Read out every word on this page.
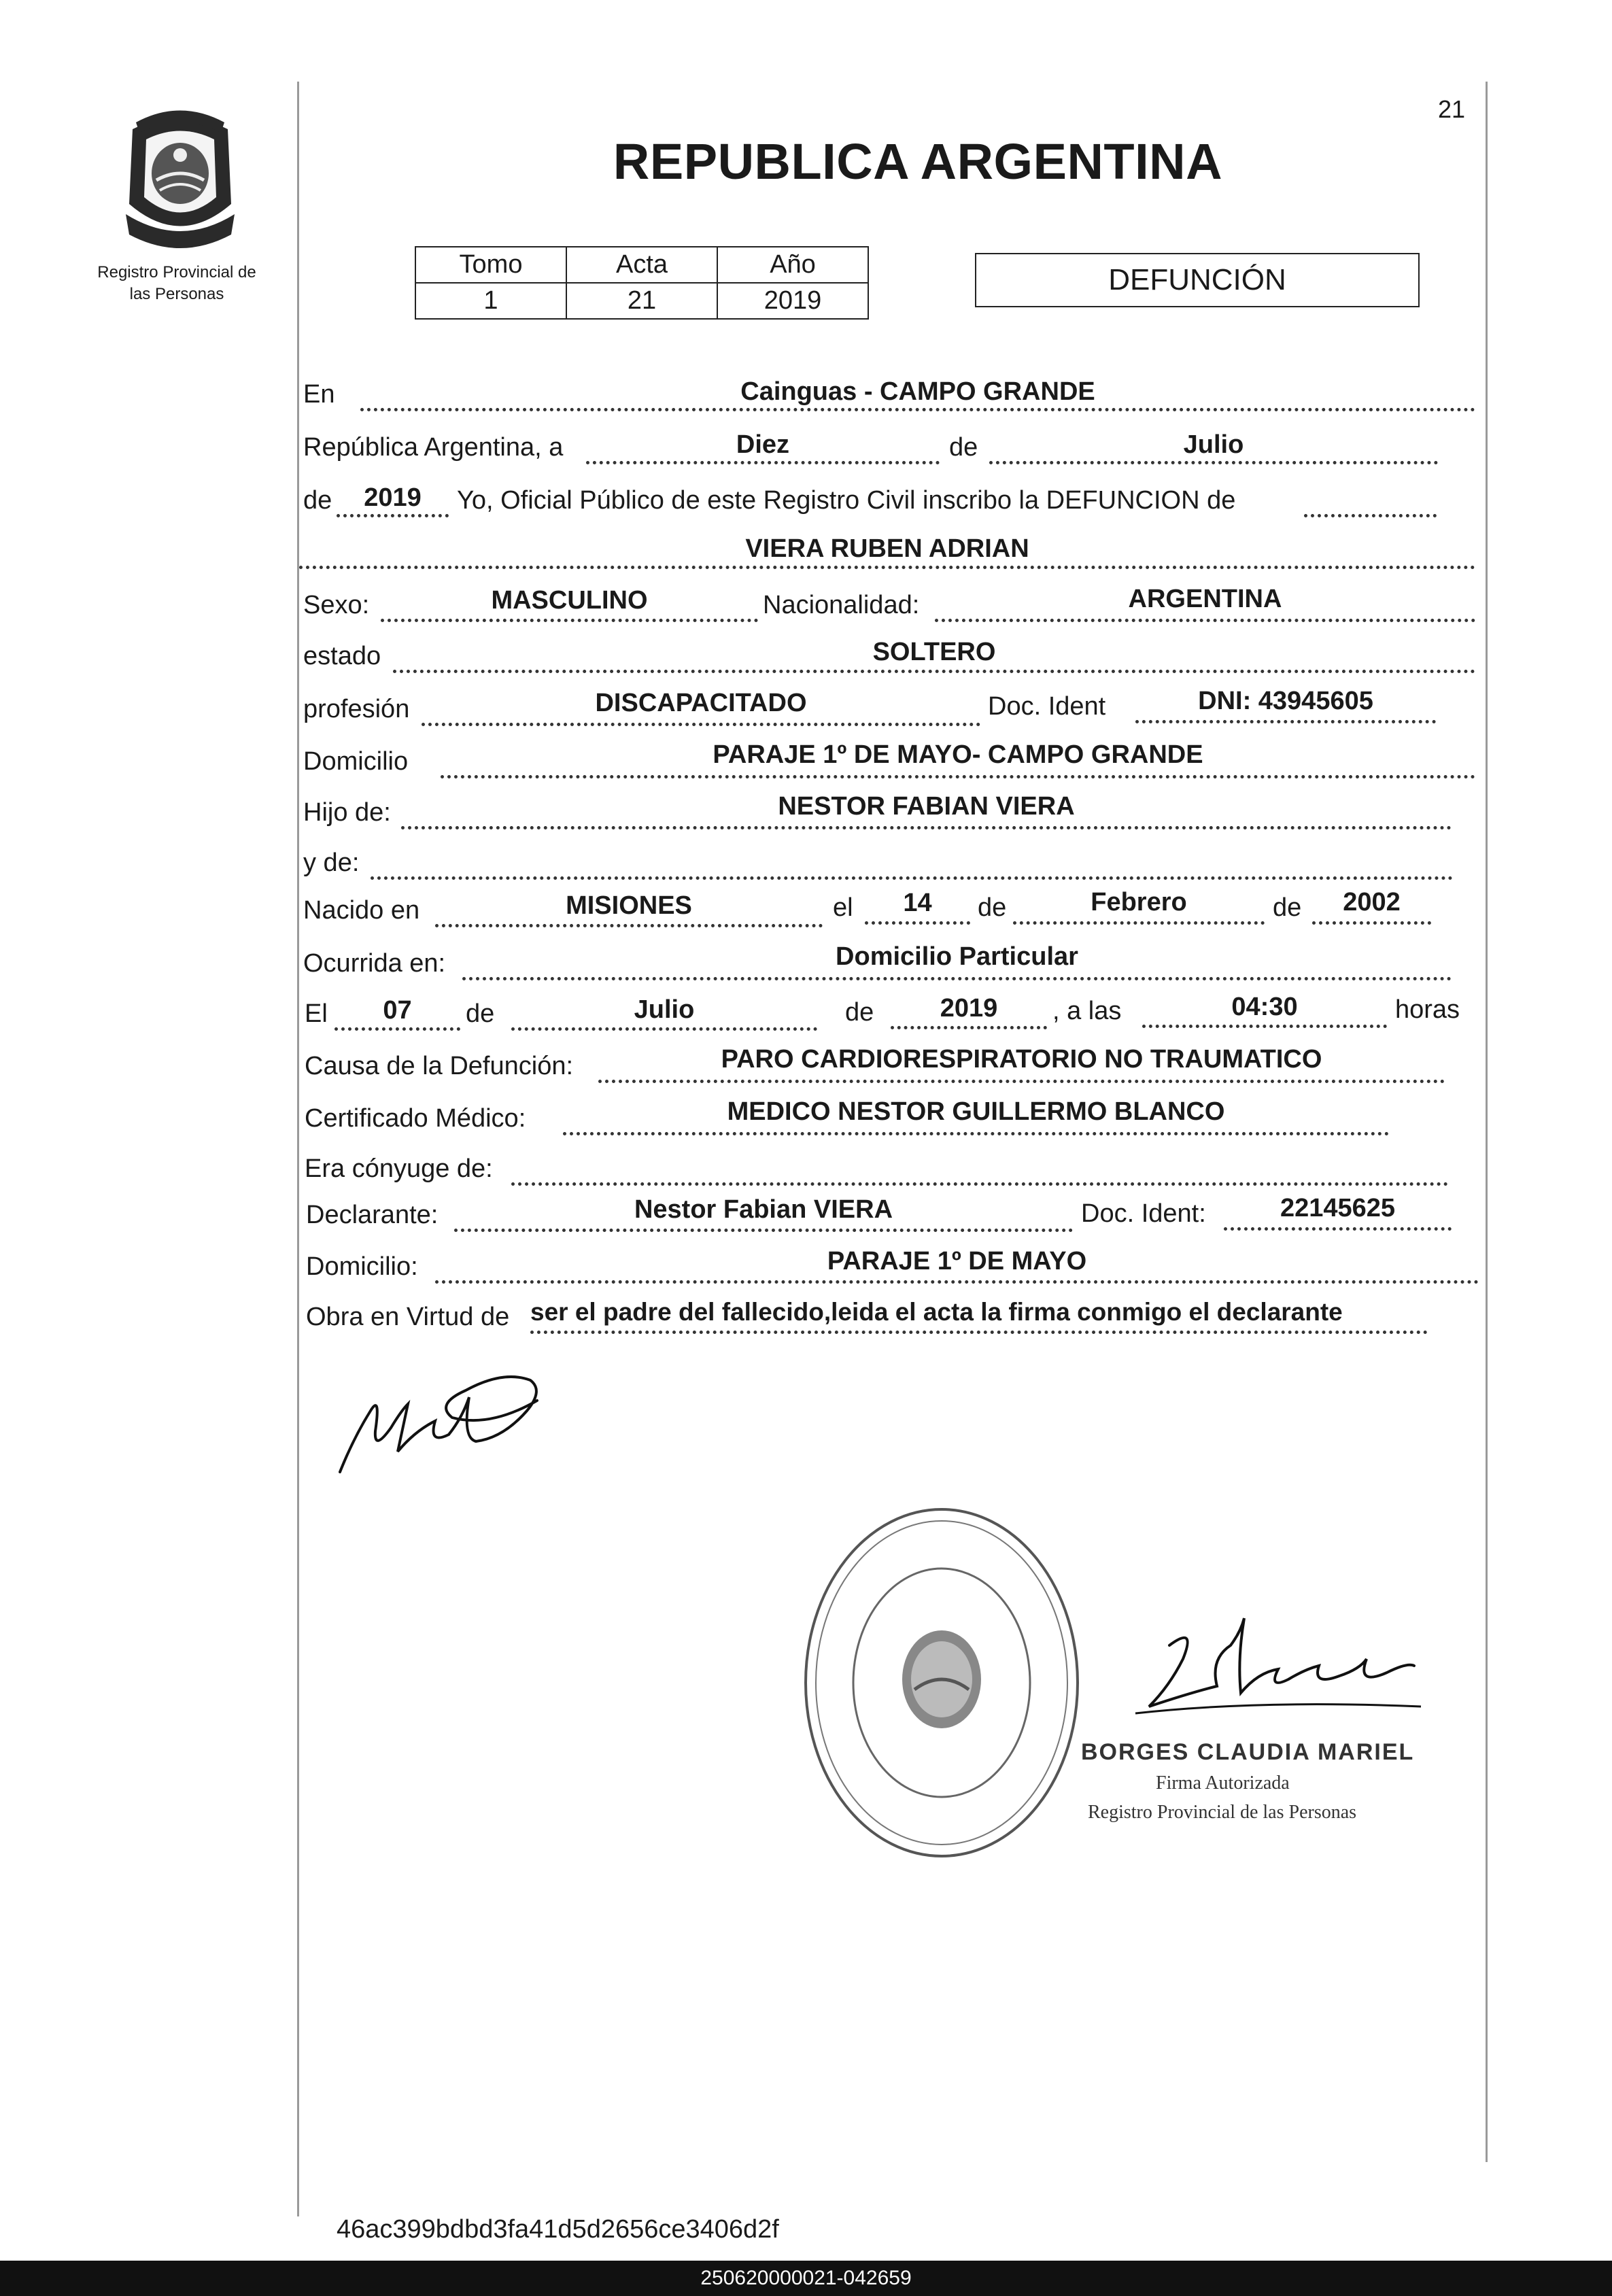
21
Registro Provincial de
las Personas
REPUBLICA ARGENTINA
Tomo	Acta	Año
1	21	2019
DEFUNCIÓN
En	Cainguas - CAMPO GRANDE
República Argentina, a	Diez	de	Julio
de	2019	Yo, Oficial Público de este Registro Civil inscribo la DEFUNCION de
VIERA RUBEN ADRIAN
Sexo:	MASCULINO	Nacionalidad:	ARGENTINA
estado	SOLTERO
profesión	DISCAPACITADO	Doc. Ident	DNI: 43945605
Domicilio	PARAJE 1º DE MAYO- CAMPO GRANDE
Hijo de:	NESTOR FABIAN VIERA
y de:
Nacido en	MISIONES	el	14	de	Febrero	de	2002
Ocurrida en:	Domicilio Particular
El	07	de	Julio	de	2019	, a las	04:30	horas
Causa de la Defunción:	PARO CARDIORESPIRATORIO NO TRAUMATICO
Certificado Médico:	MEDICO NESTOR GUILLERMO BLANCO
Era cónyuge de:
Declarante:	Nestor Fabian VIERA	Doc. Ident:	22145625
Domicilio:	PARAJE 1º DE MAYO
Obra en Virtud de ser el padre del fallecido,leida el acta la firma conmigo el declarante
BORGES CLAUDIA MARIEL
Firma Autorizada
Registro Provincial de las Personas
46ac399bdbd3fa41d5d2656ce3406d2f
250620000021-042659
